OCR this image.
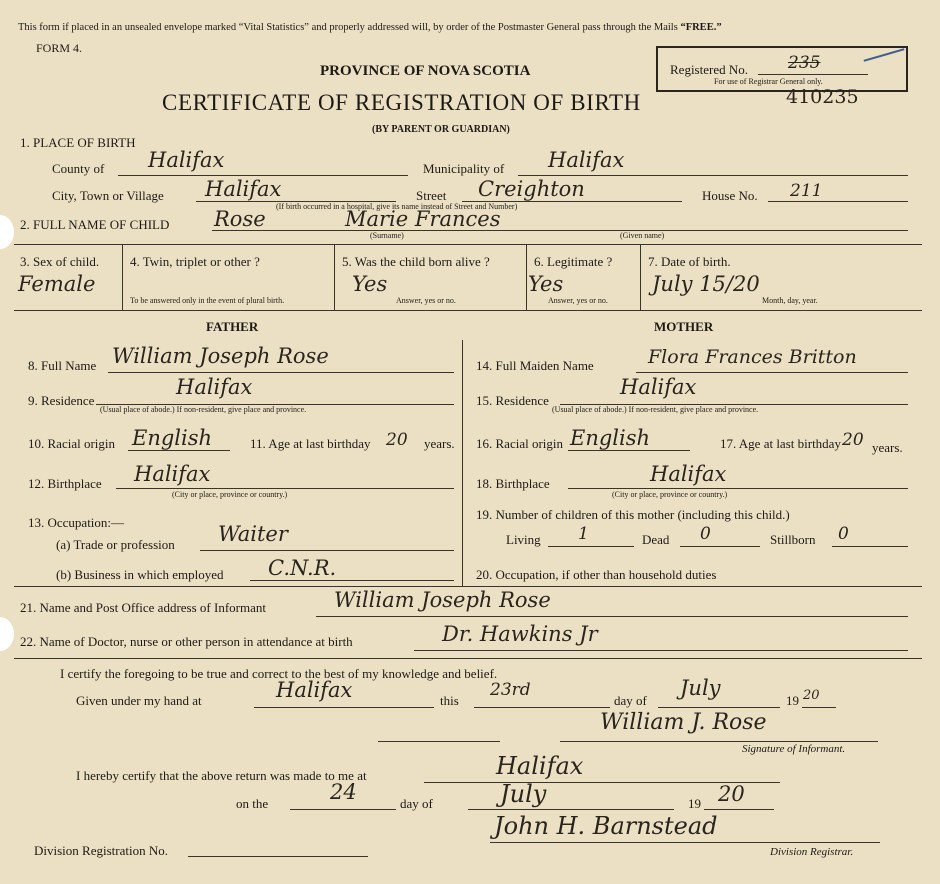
This form if placed in an unsealed envelope marked “Vital Statistics” and properly addressed will, by order of the Postmaster General pass through the Mails “FREE.”
FORM 4.
PROVINCE OF NOVA SCOTIA
CERTIFICATE OF REGISTRATION OF BIRTH
(BY PARENT OR GUARDIAN)
Registered No. 235
For use of Registrar General only.
410235
1. PLACE OF BIRTH
County of Halifax	Municipality of Halifax
City, Town or Village Halifax	Street Creighton
(If birth occurred in a hospital, give its name instead of Street and Number)
House No. 211
2. FULL NAME OF CHILD Rose	Marie Frances
(Surname)	(Given name)
3. Sex of child.
Female
4. Twin, triplet or other ?
To be answered only in the event of plural birth.
5. Was the child born alive ?
Yes
Answer, yes or no.
6. Legitimate ?
Yes
Answer, yes or no.
7. Date of birth.
July 15/20
Month, day, year.
FATHER	MOTHER
8. Full Name William Joseph Rose
9. Residence
Halifax
(Usual place of abode.) If non-resident, give place and province.
10. Racial origin English	11. Age at last birthday 20 years.
12. Birthplace Halifax
(City or place, province or country.)
13. Occupation:—
(a) Trade or profession Waiter
(b) Business in which employed C.N.R.
14. Full Maiden Name	Flora Frances Britton
15. Residence
Halifax
(Usual place of abode.) If non-resident, give place and province.
16. Racial origin English	17. Age at last birthday 20 years.
18. Birthplace	Halifax
(City or place, province or country.)
19. Number of children of this mother (including this child.)
Living 1	Dead 0	Stillborn 0
20. Occupation, if other than household duties
21. Name and Post Office address of Informant	William Joseph Rose
22. Name of Doctor, nurse or other person in attendance at birth	Dr. Hawkins Jr
I certify the foregoing to be true and correct to the best of my knowledge and belief.
Given under my hand at	Halifax	this
23rd
day of
July
19 20
William J. Rose
Signature of Informant.
I hereby certify that the above return was made to me at	Halifax
on the	24	day of	July	19 20
Division Registration No.
John H. Barnstead
Division Registrar.
